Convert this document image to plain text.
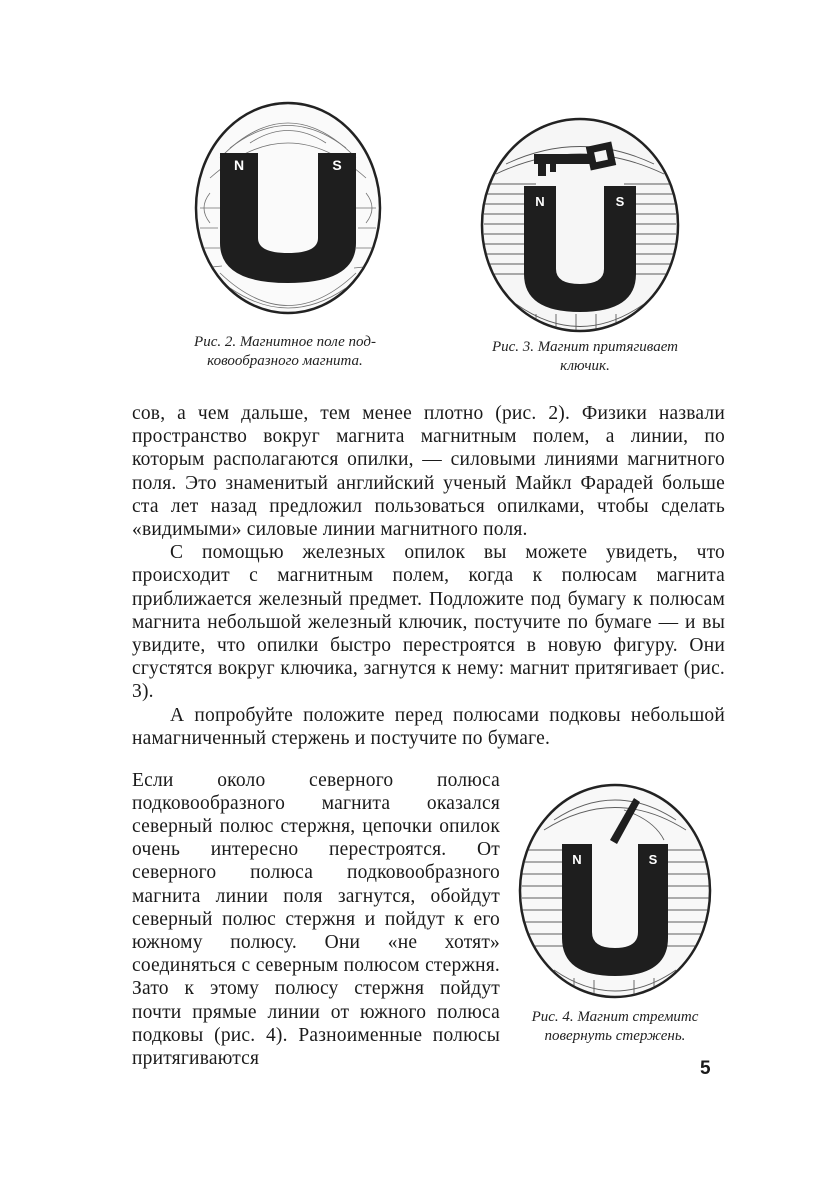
N	S
Рис. 2. Магнитное поле под-
ковообразного магнита.
N	S
Рис. 3. Магнит притягивает
ключик.

сов, а чем дальше, тем менее плотно (рис. 2). Физики назвали пространство вокруг магнита магнитным полем, а линии, по которым располагаются опилки, — силовыми линиями магнитного поля. Это знаменитый английский ученый Майкл Фарадей больше ста лет назад предложил пользоваться опилками, чтобы сделать «видимыми» силовые линии магнитного поля.

С помощью железных опилок вы можете увидеть, что происходит с магнитным полем, когда к полюсам магнита приближается железный предмет. Подложите под бумагу к полюсам магнита небольшой железный ключик, постучите по бумаге — и вы увидите, что опилки быстро перестроятся в новую фигуру. Они сгустятся вокруг ключика, загнутся к нему: магнит притягивает (рис. 3).

А попробуйте положите перед полюсами подковы небольшой намагниченный стержень и постучите по бумаге.

Если около северного полюса подковообразного магнита оказался северный полюс стержня, цепочки опилок очень интересно перестроятся. От северного полюса подковообразного магнита линии поля загнутся, обойдут северный полюс стержня и пойдут к его южному полюсу. Они «не хотят» соединяться с северным полюсом стержня. Зато к этому полюсу стержня пойдут почти прямые линии от южного полюса подковы (рис. 4). Разноименные полюсы притягиваются

N	S
Рис. 4. Магнит стремитс
повернуть стержень.
5
